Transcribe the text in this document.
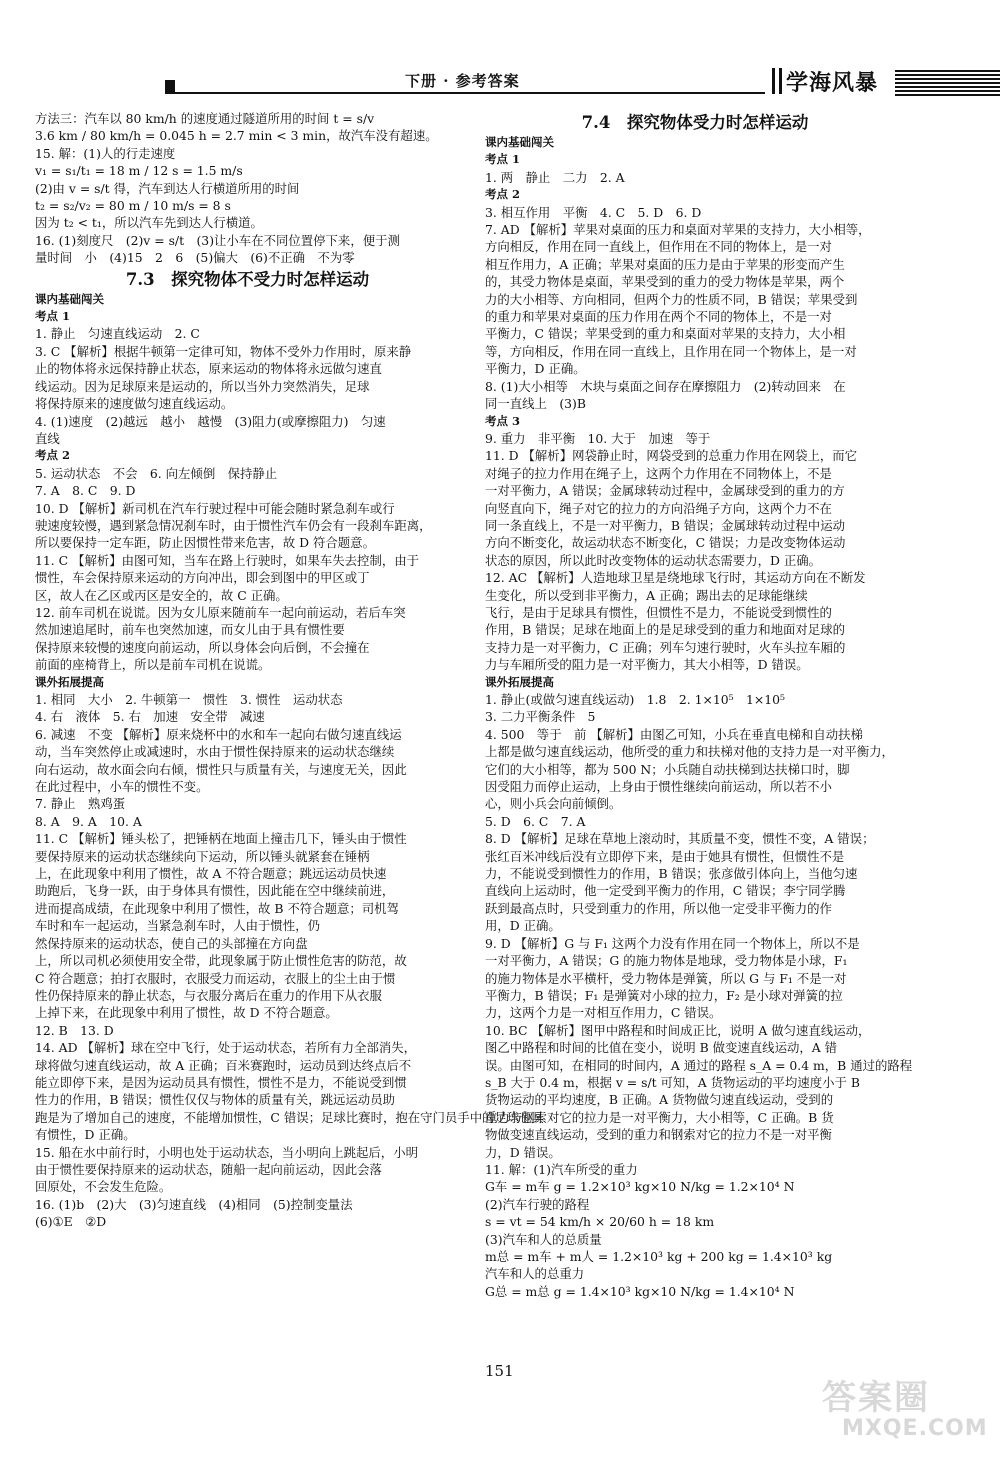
下册 · 参考答案	学海风暴

方法三：汽车以 80 km/h 的速度通过隧道所用的时间 t = s/v

3.6 km / 80 km/h = 0.045 h = 2.7 min < 3 min，故汽车没有超速。

15. 解：(1)人的行走速度

v₁ = s₁/t₁ = 18 m / 12 s = 1.5 m/s

(2)由 v = s/t 得，汽车到达人行横道所用的时间

t₂ = s₂/v₂ = 80 m / 10 m/s = 8 s

因为 t₂ < t₁，所以汽车先到达人行横道。

16. (1)刻度尺　(2)v = s/t　(3)让小车在不同位置停下来，便于测

量时间　小　(4)15　2　6　(5)偏大　(6)不正确　不为零

7.3　探究物体不受力时怎样运动

课内基础闯关

考点 1

1. 静止　匀速直线运动　2. C

3. C 【解析】根据牛顿第一定律可知，物体不受外力作用时，原来静

止的物体将永远保持静止状态，原来运动的物体将永远做匀速直

线运动。因为足球原来是运动的，所以当外力突然消失，足球

将保持原来的速度做匀速直线运动。

4. (1)速度　(2)越远　越小　越慢　(3)阻力(或摩擦阻力)　匀速

直线

考点 2

5. 运动状态　不会　6. 向左倾倒　保持静止

7. A　8. C　9. D

10. D 【解析】新司机在汽车行驶过程中可能会随时紧急刹车或行

驶速度较慢，遇到紧急情况刹车时，由于惯性汽车仍会有一段刹车距离，

所以要保持一定车距，防止因惯性带来危害，故 D 符合题意。

11. C 【解析】由图可知，当车在路上行驶时，如果车失去控制，由于

惯性，车会保持原来运动的方向冲出，即会到图中的甲区或丁

区，故人在乙区或丙区是安全的，故 C 正确。

12. 前车司机在说谎。因为女儿原来随前车一起向前运动，若后车突

然加速追尾时，前车也突然加速，而女儿由于具有惯性要

保持原来较慢的速度向前运动，所以身体会向后倒，不会撞在

前面的座椅背上，所以是前车司机在说谎。

课外拓展提高

1. 相同　大小　2. 牛顿第一　惯性　3. 惯性　运动状态

4. 右　液体　5. 右　加速　安全带　减速

6. 减速　不变 【解析】原来烧杯中的水和车一起向右做匀速直线运

动，当车突然停止或减速时，水由于惯性保持原来的运动状态继续

向右运动，故水面会向右倾，惯性只与质量有关，与速度无关，因此

在此过程中，小车的惯性不变。

7. 静止　熟鸡蛋

8. A　9. A　10. A

11. C 【解析】锤头松了，把锤柄在地面上撞击几下，锤头由于惯性

要保持原来的运动状态继续向下运动，所以锤头就紧套在锤柄

上，在此现象中利用了惯性，故 A 不符合题意；跳远运动员快速

助跑后，飞身一跃，由于身体具有惯性，因此能在空中继续前进，

进而提高成绩，在此现象中利用了惯性，故 B 不符合题意；司机驾

车时和车一起运动，当紧急刹车时，人由于惯性，仍

然保持原来的运动状态，使自己的头部撞在方向盘

上，所以司机必须使用安全带，此现象属于防止惯性危害的防范，故

C 符合题意；拍打衣服时，衣服受力而运动，衣服上的尘土由于惯

性仍保持原来的静止状态，与衣服分离后在重力的作用下从衣服

上掉下来，在此现象中利用了惯性，故 D 不符合题意。

12. B　13. D

14. AD 【解析】球在空中飞行，处于运动状态，若所有力全部消失，

球将做匀速直线运动，故 A 正确；百米赛跑时，运动员到达终点后不

能立即停下来，是因为运动员具有惯性，惯性不是力，不能说受到惯

性力的作用，B 错误；惯性仅仅与物体的质量有关，跳远运动员助

跑是为了增加自己的速度，不能增加惯性，C 错误；足球比赛时，抱在守门员手中的足球也具

有惯性，D 正确。

15. 船在水中前行时，小明也处于运动状态，当小明向上跳起后，小明

由于惯性要保持原来的运动状态，随船一起向前运动，因此会落

回原处，不会发生危险。

16. (1)b　(2)大　(3)匀速直线　(4)相同　(5)控制变量法

(6)①E　②D

7.4　探究物体受力时怎样运动

课内基础闯关

考点 1

1. 两　静止　二力　2. A

考点 2

3. 相互作用　平衡　4. C　5. D　6. D

7. AD 【解析】苹果对桌面的压力和桌面对苹果的支持力，大小相等，

方向相反，作用在同一直线上，但作用在不同的物体上，是一对

相互作用力，A 正确；苹果对桌面的压力是由于苹果的形变而产生

的，其受力物体是桌面，苹果受到的重力的受力物体是苹果，两个

力的大小相等、方向相同，但两个力的性质不同，B 错误；苹果受到

的重力和苹果对桌面的压力作用在两个不同的物体上，不是一对

平衡力，C 错误；苹果受到的重力和桌面对苹果的支持力，大小相

等，方向相反，作用在同一直线上，且作用在同一个物体上，是一对

平衡力，D 正确。

8. (1)大小相等　木块与桌面之间存在摩擦阻力　(2)转动回来　在

同一直线上　(3)B

考点 3

9. 重力　非平衡　10. 大于　加速　等于

11. D 【解析】网袋静止时，网袋受到的总重力作用在网袋上，而它

对绳子的拉力作用在绳子上，这两个力作用在不同物体上，不是

一对平衡力，A 错误；金属球转动过程中，金属球受到的重力的方

向竖直向下，绳子对它的拉力的方向沿绳子方向，这两个力不在

同一条直线上，不是一对平衡力，B 错误；金属球转动过程中运动

方向不断变化，故运动状态不断变化，C 错误；力是改变物体运动

状态的原因，所以此时改变物体的运动状态需要力，D 正确。

12. AC 【解析】人造地球卫星是绕地球飞行时，其运动方向在不断发

生变化，所以受到非平衡力，A 正确；踢出去的足球能继续

飞行，是由于足球具有惯性，但惯性不是力，不能说受到惯性的

作用，B 错误；足球在地面上的是足球受到的重力和地面对足球的

支持力是一对平衡力，C 正确；列车匀速行驶时，火车头拉车厢的

力与车厢所受的阻力是一对平衡力，其大小相等，D 错误。

课外拓展提高

1. 静止(或做匀速直线运动)　1.8　2. 1×10⁵　1×10⁵

3. 二力平衡条件　5

4. 500　等于　前 【解析】由图乙可知，小兵在垂直电梯和自动扶梯

上都是做匀速直线运动，他所受的重力和扶梯对他的支持力是一对平衡力，

它们的大小相等，都为 500 N；小兵随自动扶梯到达扶梯口时，脚

因受阻力而停止运动，上身由于惯性继续向前运动，所以若不小

心，则小兵会向前倾倒。

5. D　6. C　7. A

8. D 【解析】足球在草地上滚动时，其质量不变，惯性不变，A 错误；

张红百米冲线后没有立即停下来，是由于她具有惯性，但惯性不是

力，不能说受到惯性力的作用，B 错误；张彦做引体向上，当他匀速

直线向上运动时，他一定受到平衡力的作用，C 错误；李宁同学腾

跃到最高点时，只受到重力的作用，所以他一定受非平衡力的作

用，D 正确。

9. D 【解析】G 与 F₁ 这两个力没有作用在同一个物体上，所以不是

一对平衡力，A 错误；G 的施力物体是地球，受力物体是小球，F₁

的施力物体是水平横杆，受力物体是弹簧，所以 G 与 F₁ 不是一对

平衡力，B 错误；F₁ 是弹簧对小球的拉力，F₂ 是小球对弹簧的拉

力，这两个力是一对相互作用力，C 错误。

10. BC 【解析】图甲中路程和时间成正比，说明 A 做匀速直线运动，

图乙中路程和时间的比值在变小，说明 B 做变速直线运动，A 错

误。由图可知，在相同的时间内，A 通过的路程 s_A = 0.4 m，B 通过的路程

s_B 大于 0.4 m，根据 v = s/t 可知，A 货物运动的平均速度小于 B

货物运动的平均速度，B 正确。A 货物做匀速直线运动，受到的

重力与钢索对它的拉力是一对平衡力，大小相等，C 正确。B 货

物做变速直线运动，受到的重力和钢索对它的拉力不是一对平衡

力，D 错误。

11. 解：(1)汽车所受的重力

G车 = m车 g = 1.2×10³ kg×10 N/kg = 1.2×10⁴ N

(2)汽车行驶的路程

s = vt = 54 km/h × 20/60 h = 18 km

(3)汽车和人的总质量

m总 = m车 + m人 = 1.2×10³ kg + 200 kg = 1.4×10³ kg

汽车和人的总重力

G总 = m总 g = 1.4×10³ kg×10 N/kg = 1.4×10⁴ N

151
答案圈
MXQE.COM
